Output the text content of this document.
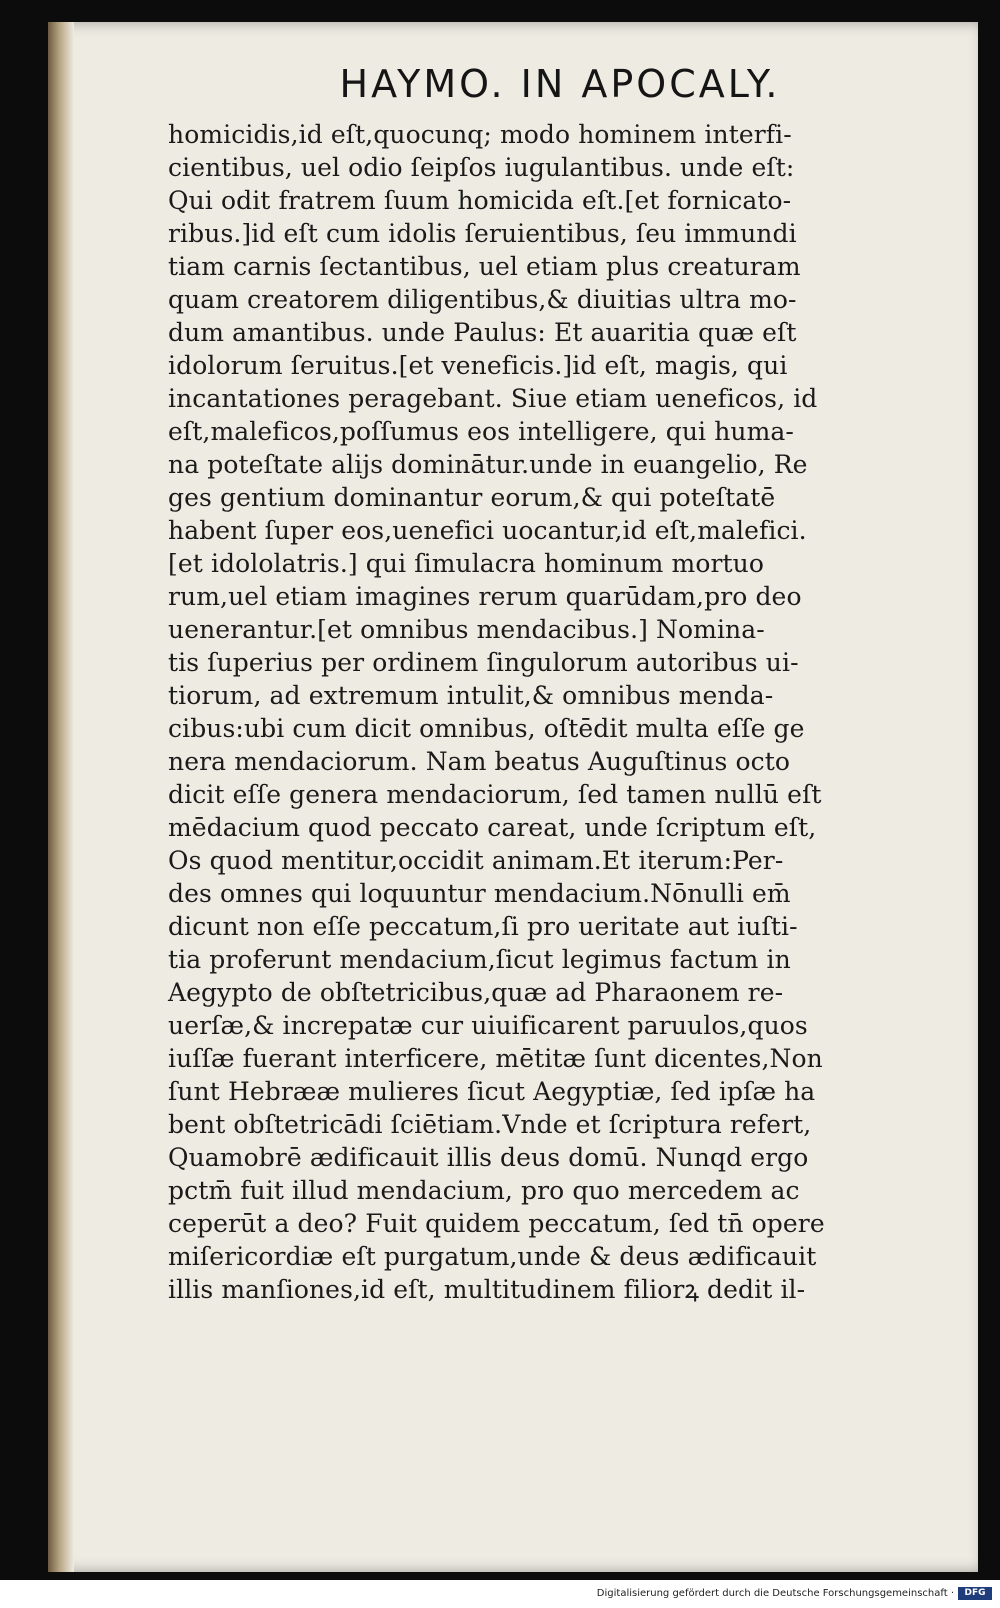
HAYMO. IN APOCALY.
homicidis,id eſt,quocunq; modo hominem interfi-
cientibus, uel odio ſeipſos iugulantibus. unde eſt:
Qui odit fratrem ſuum homicida eſt.[et fornicato-
ribus.]id eſt cum idolis ſeruientibus, ſeu immundi
tiam carnis ſectantibus, uel etiam plus creaturam
quam creatorem diligentibus,& diuitias ultra mo-
dum amantibus. unde Paulus: Et auaritia quæ eſt
idolorum ſeruitus.[et veneficis.]id eſt, magis, qui
incantationes peragebant. Siue etiam ueneficos, id
eſt,maleficos,poſſumus eos intelligere, qui huma-
na poteſtate alijs dominātur.unde in euangelio, Re
ges gentium dominantur eorum,& qui poteſtatē
habent ſuper eos,uenefici uocantur,id eſt,malefici.
[et idololatris.] qui ſimulacra hominum mortuo
rum,uel etiam imagines rerum quarūdam,pro deo
uenerantur.[et omnibus mendacibus.] Nomina-
tis ſuperius per ordinem ſingulorum autoribus ui-
tiorum, ad extremum intulit,& omnibus menda-
cibus:ubi cum dicit omnibus, oſtēdit multa eſſe ge
nera mendaciorum. Nam beatus Auguſtinus octo
dicit eſſe genera mendaciorum, ſed tamen nullū eſt
mēdacium quod peccato careat, unde ſcriptum eſt,
Os quod mentitur,occidit animam.Et iterum:Per-
des omnes qui loquuntur mendacium.Nōnulli em̄
dicunt non eſſe peccatum,ſi pro ueritate aut iuſti-
tia proferunt mendacium,ſicut legimus factum in
Aegypto de obſtetricibus,quæ ad Pharaonem re-
uerſæ,& increpatæ cur uiuificarent paruulos,quos
iuſſæ fuerant interficere, mētitæ ſunt dicentes,Non
ſunt Hebrææ mulieres ſicut Aegyptiæ, ſed ipſæ ha
bent obſtetricādi ſciētiam.Vnde et ſcriptura refert,
Quamobrē ædificauit illis deus domū. Nunqd ergo
pctm̄ fuit illud mendacium, pro quo mercedem ac
ceperūt a deo? Fuit quidem peccatum, ſed tn̄ opere
miſericordiæ eſt purgatum,unde & deus ædificauit
illis manſiones,id eſt, multitudinem filiorꝝ dedit il-
Digitalisierung gefördert durch die Deutsche Forschungsgemeinschaft ·	DFG
